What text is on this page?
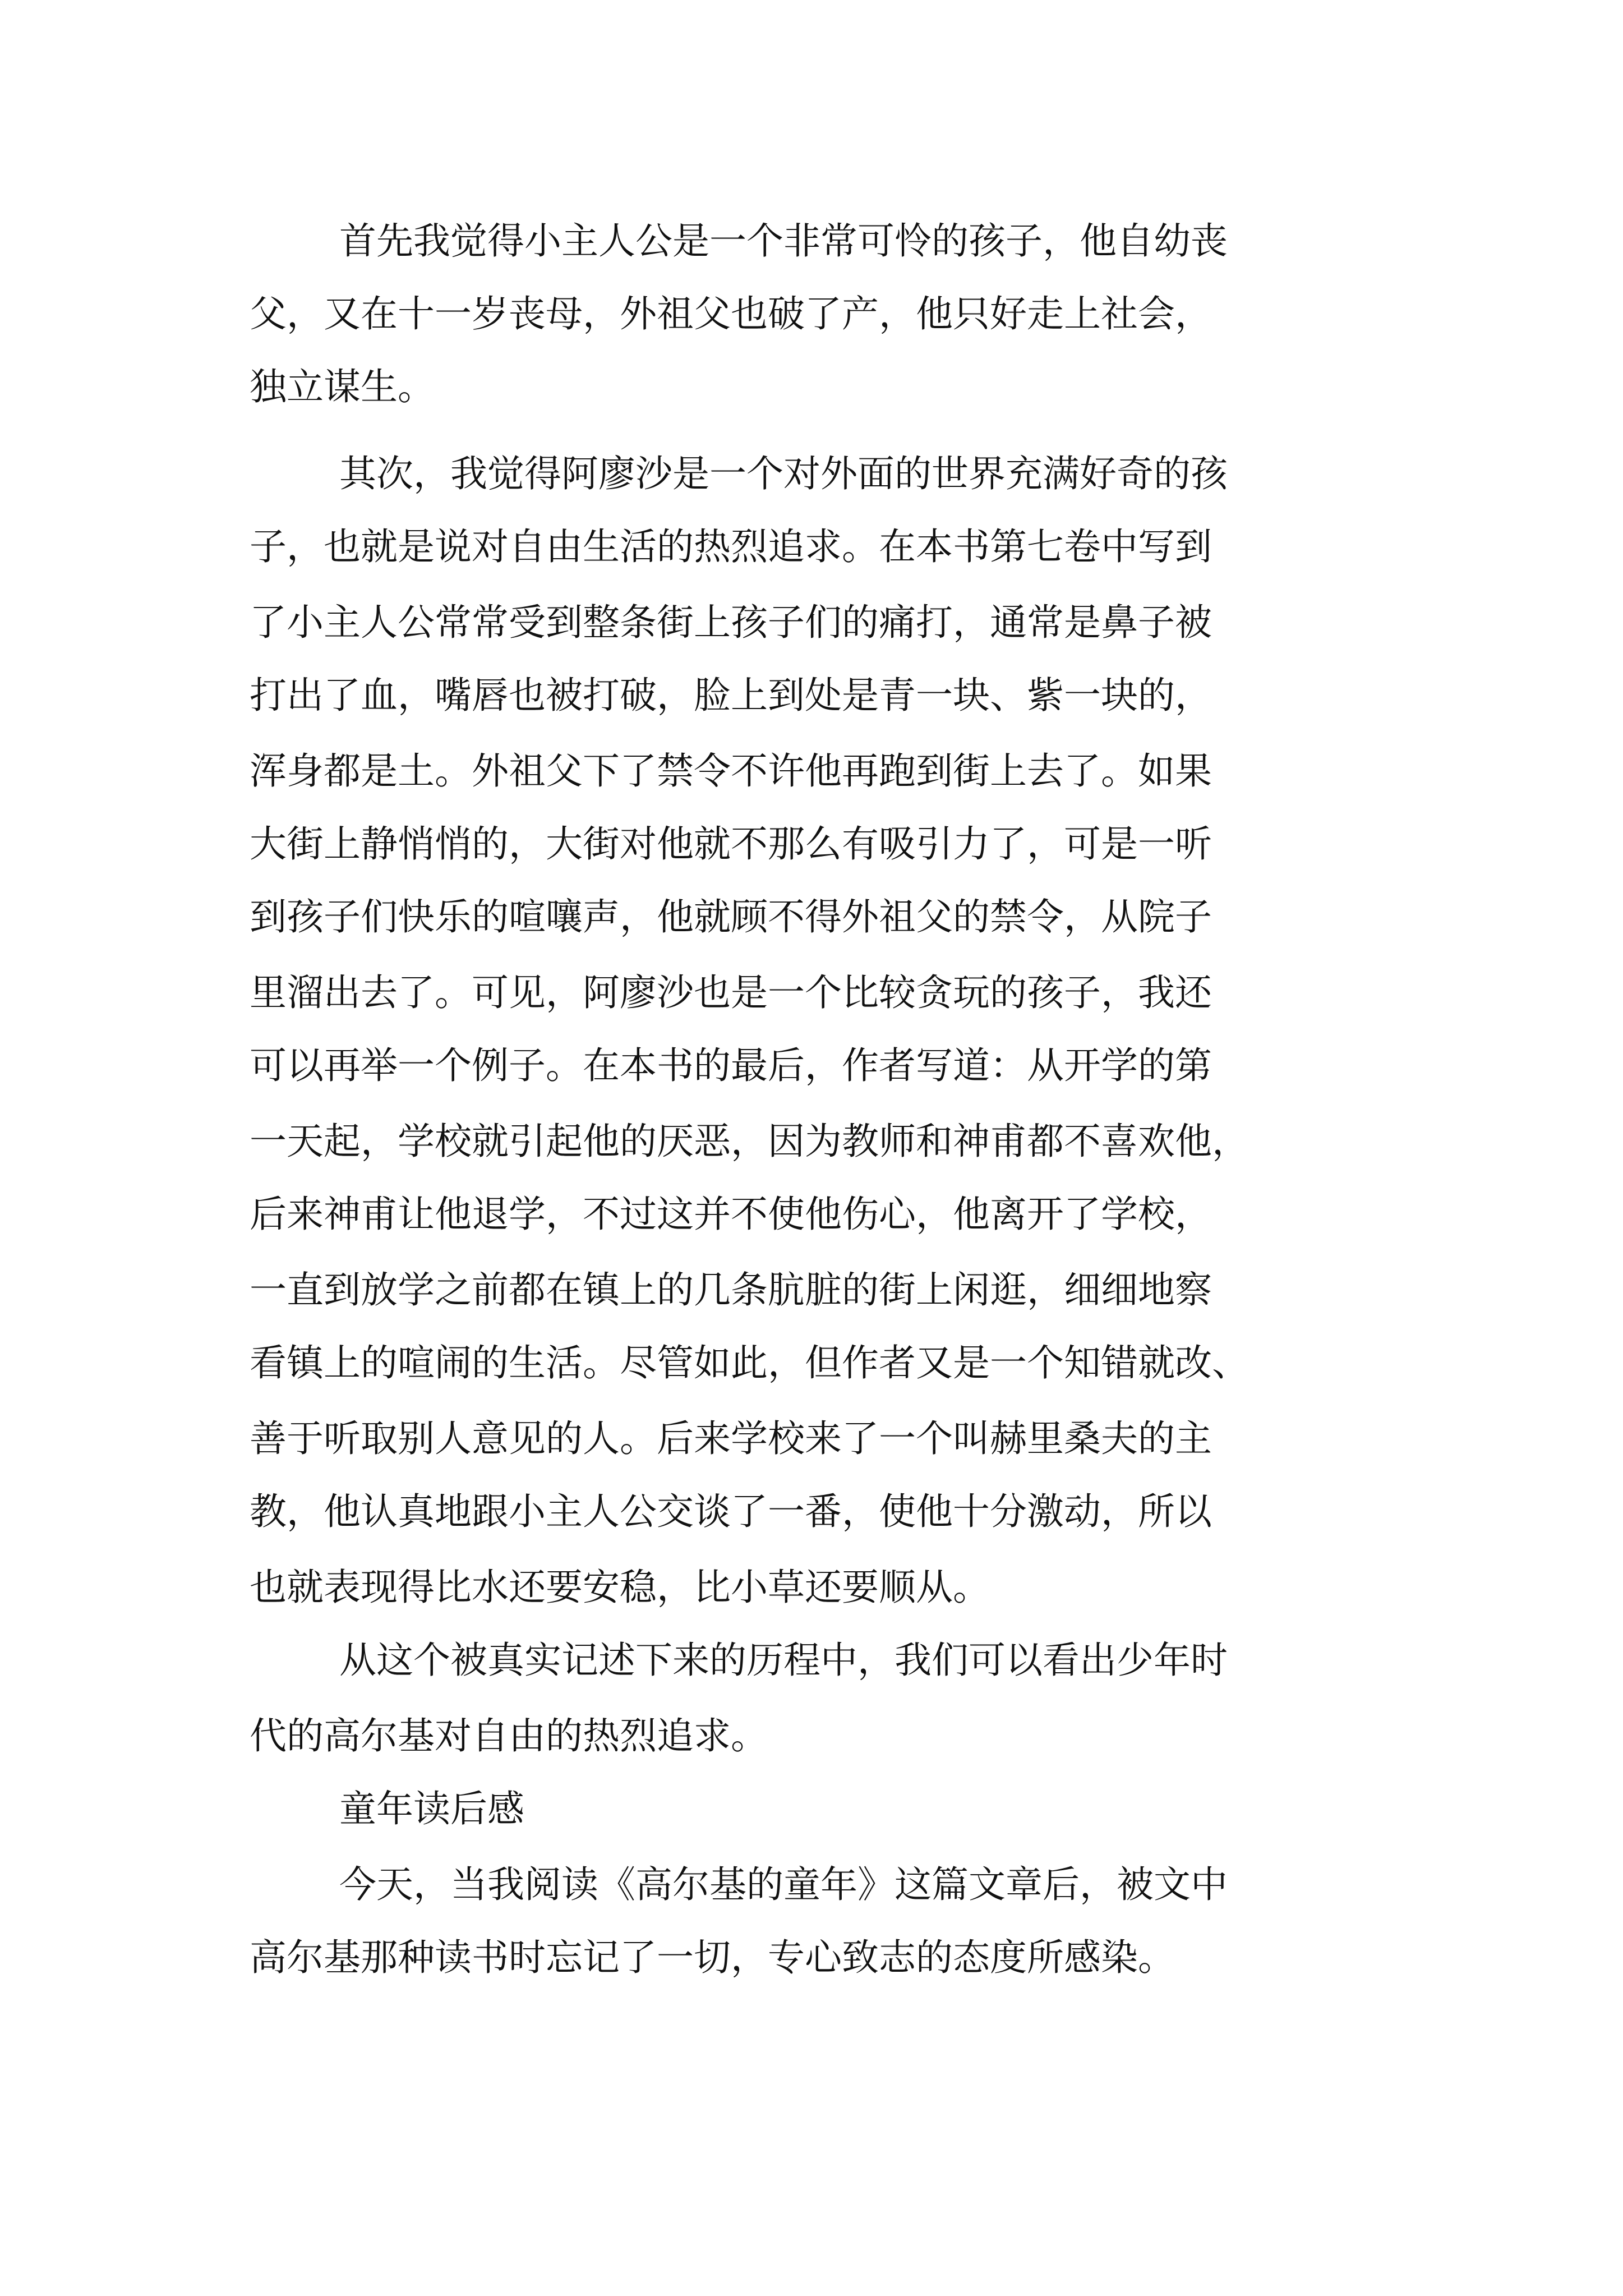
首先我觉得小主人公是一个非常可怜的孩子，他自幼丧
父，又在十一岁丧母，外祖父也破了产，他只好走上社会，
独立谋生。
其次，我觉得阿廖沙是一个对外面的世界充满好奇的孩
子，也就是说对自由生活的热烈追求。在本书第七卷中写到
了小主人公常常受到整条街上孩子们的痛打，通常是鼻子被
打出了血，嘴唇也被打破，脸上到处是青一块、紫一块的，
浑身都是土。外祖父下了禁令不许他再跑到街上去了。如果
大街上静悄悄的，大街对他就不那么有吸引力了，可是一听
到孩子们快乐的喧嚷声，他就顾不得外祖父的禁令，从院子
里溜出去了。可见，阿廖沙也是一个比较贪玩的孩子，我还
可以再举一个例子。在本书的最后，作者写道：从开学的第
一天起，学校就引起他的厌恶，因为教师和神甫都不喜欢他，
后来神甫让他退学，不过这并不使他伤心，他离开了学校，
一直到放学之前都在镇上的几条肮脏的街上闲逛，细细地察
看镇上的喧闹的生活。尽管如此，但作者又是一个知错就改、
善于听取别人意见的人。后来学校来了一个叫赫里桑夫的主
教，他认真地跟小主人公交谈了一番，使他十分激动，所以
也就表现得比水还要安稳，比小草还要顺从。
从这个被真实记述下来的历程中，我们可以看出少年时
代的高尔基对自由的热烈追求。
童年读后感
今天，当我阅读《高尔基的童年》这篇文章后，被文中
高尔基那种读书时忘记了一切，专心致志的态度所感染。
